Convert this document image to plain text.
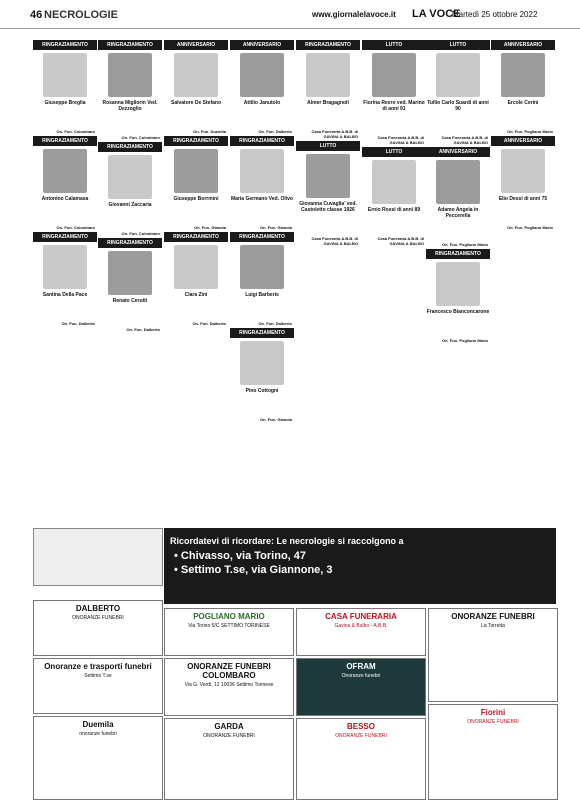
46 NECROLOGIE	www.giornalelavoce.it LA VOCE
Martedì 25 ottobre 2022
RINGRAZIAMENTO
Giuseppe Breglia
On. Fun. Colombaro
RINGRAZIAMENTO
Antonino Calamasa
On. Fun. Colombaro
RINGRAZIAMENTO
Santina Della Pace
On. Fun. Dalberto
RINGRAZIAMENTO
Rosanna Migliorin Ved. Dezzoglio
On. Fun. Colombaro
RINGRAZIAMENTO
Giovanni Zaccaria
On. Fun. Colombaro
RINGRAZIAMENTO
Renato Cerutti
On. Fun. Dalberto
ANNIVERSARIO
Salvatore De Stefano
On. Fun. Duemila
RINGRAZIAMENTO
Giuseppe Borrmini
On. Fun. Gianola
RINGRAZIAMENTO
Clara Zini
On. Fun. Dalberto
ANNIVERSARIO
Attilio Janutolo
On. Fun. Dalberto
RINGRAZIAMENTO
Maria Germano Ved. Olivo
On. Fun. Gianola
RINGRAZIAMENTO
Luigi Barberis
On. Fun. Dalberto
RINGRAZIAMENTO
Pino Cottogni
On. Fun. Gianola
RINGRAZIAMENTO
Almer Bragagnoli
Casa Funeraria A.B.B. di GAVINA & BALBO
LUTTO
Giovanna Cuvaglia' ved. Castoletto classe 1926
Casa Funeraria A.B.B. di GAVINA & BALBO
LUTTO
Fiorina Revro ved. Marino di anni 91
Casa Funeraria A.B.B. di GAVINA & BALBO
LUTTO
Ernio Rossi di anni 89
Casa Funeraria A.B.B. di GAVINA & BALBO
LUTTO
Tullio Carlo Suardi di anni 90
Casa Funeraria A.B.B. di GAVINA & BALBO
ANNIVERSARIO
Adamo Angela in Peccerella
On. Fun. Pogliano Mario
RINGRAZIAMENTO
Francesco Bianconcarone
On. Fun. Pogliano Mario
ANNIVERSARIO
Ercole Cerini
On. Fun. Pogliano Mario
ANNIVERSARIO
Elio Dessi di anni 75
On. Fun. Pogliano Mario
Ricordatevi di ricordare: Le necrologie si raccolgono a
• Chivasso, via Torino, 47
• Settimo T.se, via Giannone, 3
POGLIANO MARIO
Via Torino 5/C SETTIMO TORINESE
CASA FUNERARIA
Gavina & Balbo - A.B.B.
ONORANZE FUNEBRI
La Torretta
DALBERTO
ONORANZE FUNEBRI
ONORANZE FUNEBRI COLOMBARO
Via G. Verdi, 12 10036 Settimo Torinese
OFRAM
Onoranze funebri
Onoranze e trasporti funebri
Settimo T.se
GARDA
ONORANZE FUNEBRI
BESSO
ONORANZE FUNEBRI
Fiorini
ONORANZE FUNEBRI
Duemila
onoranze funebri
